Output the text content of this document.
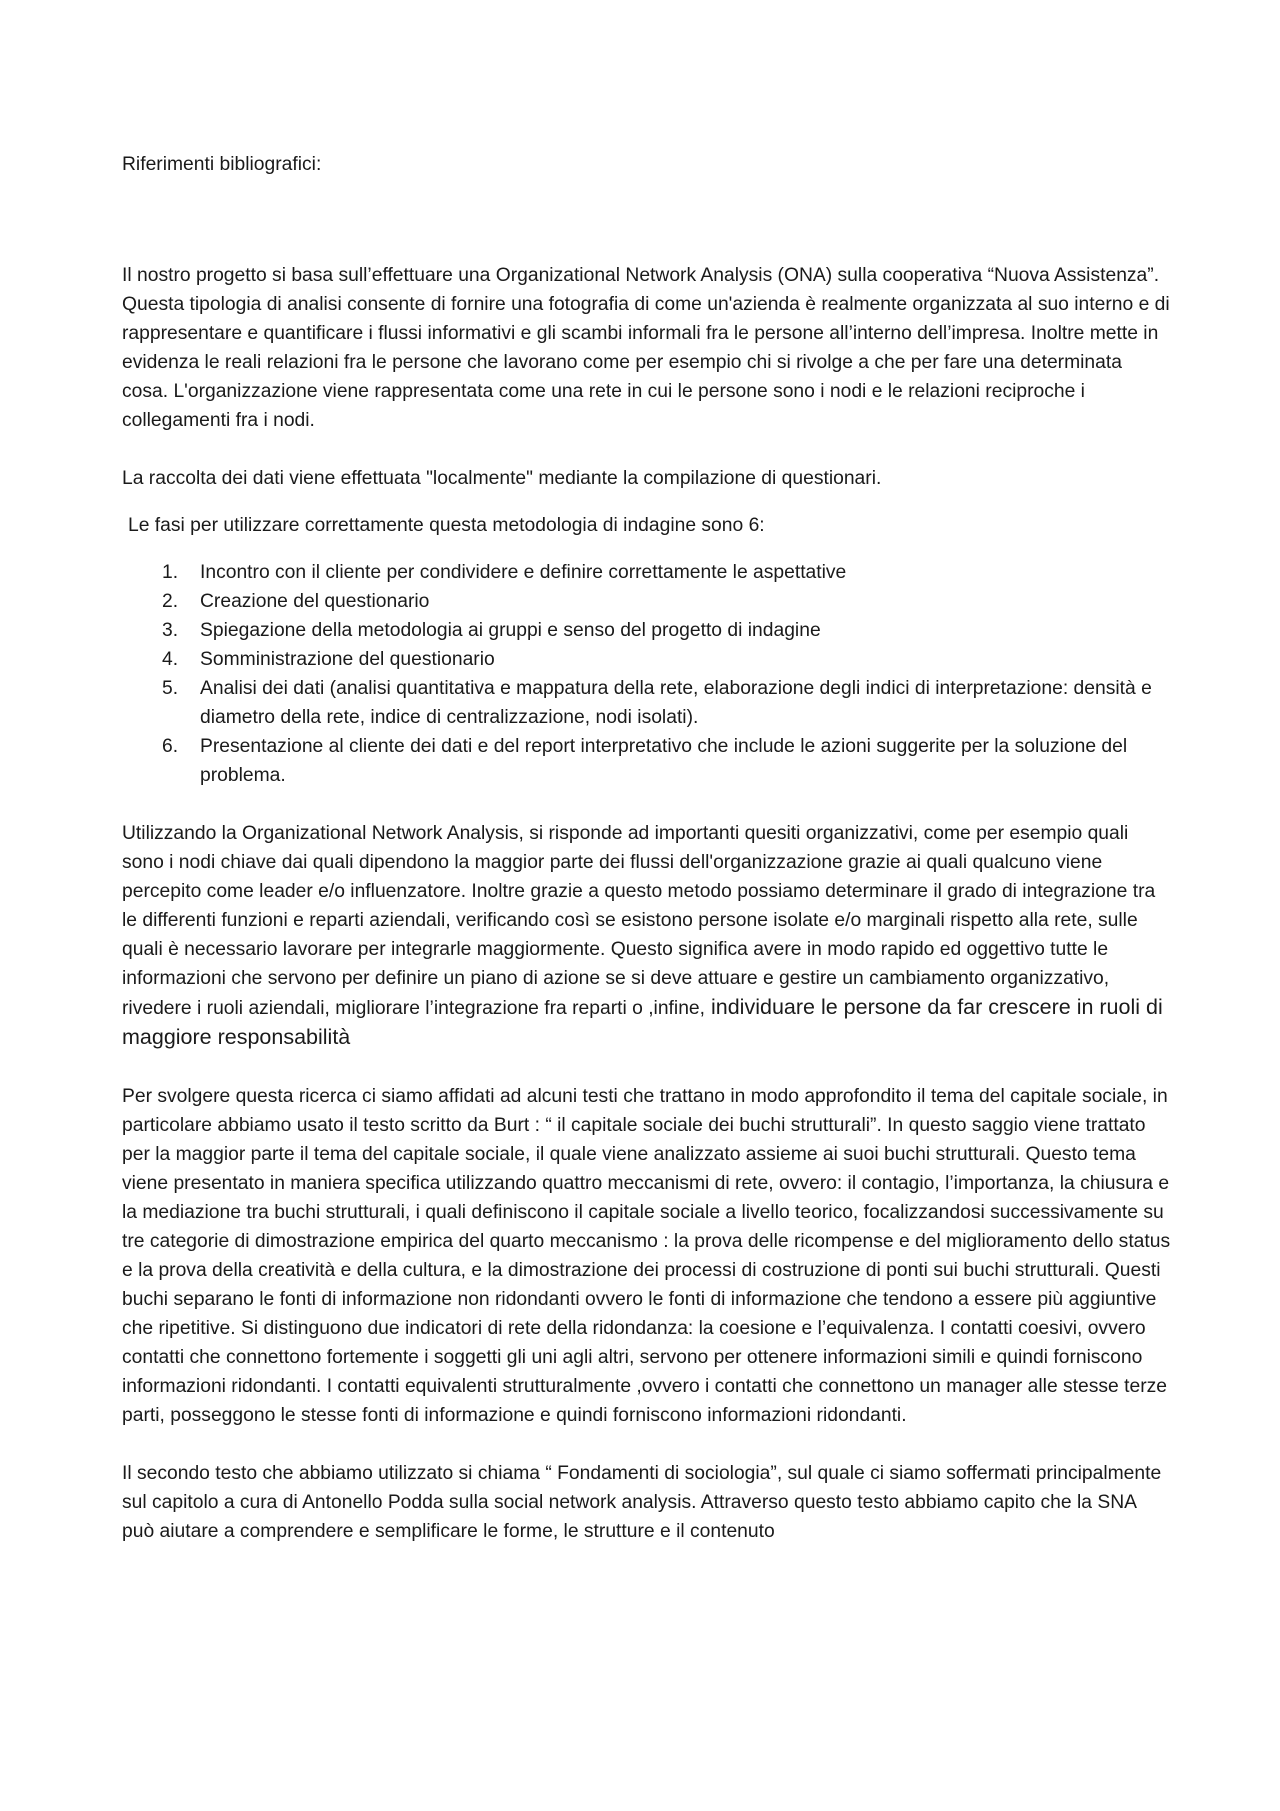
Riferimenti bibliografici:

Il nostro progetto si basa sull’effettuare una Organizational Network Analysis (ONA) sulla cooperativa “Nuova Assistenza”. Questa tipologia di analisi consente di fornire una fotografia di come un'azienda è realmente organizzata al suo interno e di rappresentare e quantificare i flussi informativi e gli scambi informali fra le persone all’interno dell’impresa. Inoltre mette in evidenza le reali relazioni fra le persone che lavorano come per esempio chi si rivolge a che per fare una determinata cosa. L'organizzazione viene rappresentata come una rete in cui le persone sono i nodi e le relazioni reciproche i collegamenti fra i nodi.

La raccolta dei dati viene effettuata "localmente" mediante la compilazione di questionari.

Le fasi per utilizzare correttamente questa metodologia di indagine sono 6:

1.	Incontro con il cliente per condividere e definire correttamente le aspettative
2.	Creazione del questionario
3.	Spiegazione della metodologia ai gruppi e senso del progetto di indagine
4.	Somministrazione del questionario
5.	Analisi dei dati (analisi quantitativa e mappatura della rete, elaborazione degli indici di interpretazione: densità e diametro della rete, indice di centralizzazione, nodi isolati).
6.	Presentazione al cliente dei dati e del report interpretativo che include le azioni suggerite per la soluzione del problema.

Utilizzando la Organizational Network Analysis, si risponde ad importanti quesiti organizzativi, come per esempio quali sono i nodi chiave dai quali dipendono la maggior parte dei flussi dell'organizzazione grazie ai quali qualcuno viene percepito come leader e/o influenzatore. Inoltre grazie a questo metodo possiamo determinare il grado di integrazione tra le differenti funzioni e reparti aziendali, verificando così se esistono persone isolate e/o marginali rispetto alla rete, sulle quali è necessario lavorare per integrarle maggiormente. Questo significa avere in modo rapido ed oggettivo tutte le informazioni che servono per definire un piano di azione se si deve attuare e gestire un cambiamento organizzativo, rivedere i ruoli aziendali, migliorare l’integrazione fra reparti o ,infine, individuare le persone da far crescere in ruoli di maggiore responsabilità

Per svolgere questa ricerca ci siamo affidati ad alcuni testi che trattano in modo approfondito il tema del capitale sociale, in particolare abbiamo usato il testo scritto da Burt : “ il capitale sociale dei buchi strutturali”. In questo saggio viene trattato per la maggior parte il tema del capitale sociale, il quale viene analizzato assieme ai suoi buchi strutturali. Questo tema viene presentato in maniera specifica utilizzando quattro meccanismi di rete, ovvero: il contagio, l’importanza, la chiusura e la mediazione tra buchi strutturali, i quali definiscono il capitale sociale a livello teorico, focalizzandosi successivamente su tre categorie di dimostrazione empirica del quarto meccanismo : la prova delle ricompense e del miglioramento dello status e la prova della creatività e della cultura, e la dimostrazione dei processi di costruzione di ponti sui buchi strutturali. Questi buchi separano le fonti di informazione non ridondanti ovvero le fonti di informazione che tendono a essere più aggiuntive che ripetitive. Si distinguono due indicatori di rete della ridondanza: la coesione e l’equivalenza. I contatti coesivi, ovvero contatti che connettono fortemente i soggetti gli uni agli altri, servono per ottenere informazioni simili e quindi forniscono informazioni ridondanti. I contatti equivalenti strutturalmente ,ovvero i contatti che connettono un manager alle stesse terze parti, posseggono le stesse fonti di informazione e quindi forniscono informazioni ridondanti.

Il secondo testo che abbiamo utilizzato si chiama “ Fondamenti di sociologia”, sul quale ci siamo soffermati principalmente sul capitolo a cura di Antonello Podda sulla social network analysis. Attraverso questo testo abbiamo capito che la SNA può aiutare a comprendere e semplificare le forme, le strutture e il contenuto
